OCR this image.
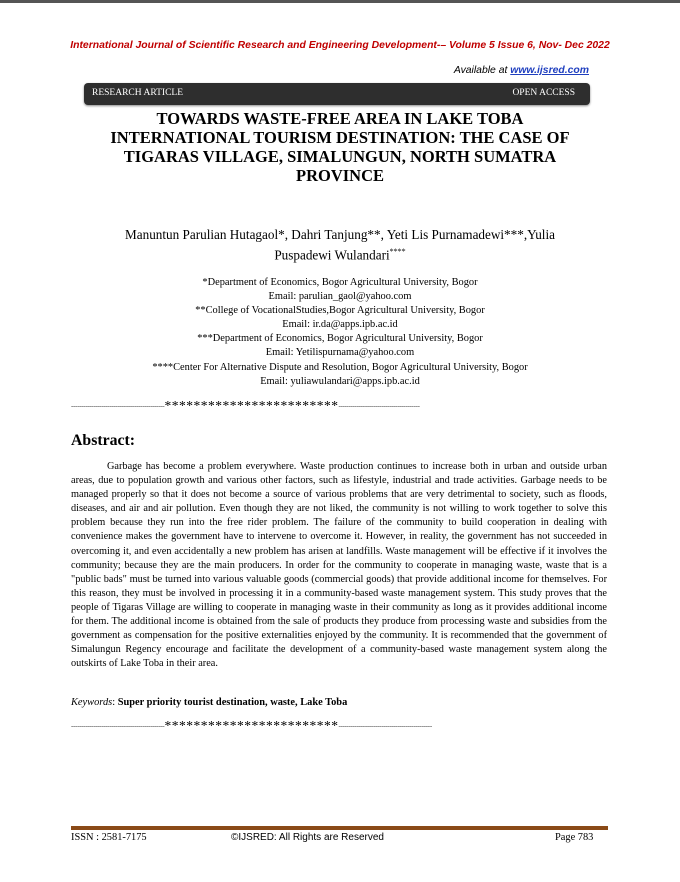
International Journal of Scientific Research and Engineering Development-– Volume 5 Issue 6, Nov- Dec 2022
Available at www.ijsred.com
RESEARCH ARTICLE	OPEN ACCESS
TOWARDS WASTE-FREE AREA IN LAKE TOBA
INTERNATIONAL TOURISM DESTINATION: THE CASE OF
TIGARAS VILLAGE, SIMALUNGUN, NORTH SUMATRA
PROVINCE
Manuntun Parulian Hutagaol*, Dahri Tanjung**, Yeti Lis Purnamadewi***,Yulia
Puspadewi Wulandari****
*Department of Economics, Bogor Agricultural University, Bogor
Email: parulian_gaol@yahoo.com
**College of VocationalStudies,Bogor Agricultural University, Bogor
Email: ir.da@apps.ipb.ac.id
***Department of Economics, Bogor Agricultural University, Bogor
Email: Yetilispurnama@yahoo.com
****Center For Alternative Dispute and Resolution, Bogor Agricultural University, Bogor
Email: yuliawulandari@apps.ipb.ac.id
----------------------------------------------************************----------------------------------------
Abstract:
Garbage has become a problem everywhere. Waste production continues to increase both in urban and outside urban areas, due to population growth and various other factors, such as lifestyle, industrial and trade activities. Garbage needs to be managed properly so that it does not become a source of various problems that are very detrimental to society, such as floods, diseases, and air and air pollution. Even though they are not liked, the community is not willing to work together to solve this problem because they run into the free rider problem. The failure of the community to build cooperation in dealing with convenience makes the government have to intervene to overcome it. However, in reality, the government has not succeeded in overcoming it, and even accidentally a new problem has arisen at landfills. Waste management will be effective if it involves the community; because they are the main producers. In order for the community to cooperate in managing waste, waste that is a "public bads" must be turned into various valuable goods (commercial goods) that provide additional income for themselves. For this reason, they must be involved in processing it in a community-based waste management system. This study proves that the people of Tigaras Village are willing to cooperate in managing waste in their community as long as it provides additional income for them. The additional income is obtained from the sale of products they produce from processing waste and subsidies from the government as compensation for the positive externalities enjoyed by the community. It is recommended that the government of Simalungun Regency encourage and facilitate the development of a community-based waste management system along the outskirts of Lake Toba in their area.
Keywords: Super priority tourist destination, waste, Lake Toba
----------------------------------------------************************----------------------------------------------
ISSN : 2581-7175	©IJSRED: All Rights are Reserved	Page 783
